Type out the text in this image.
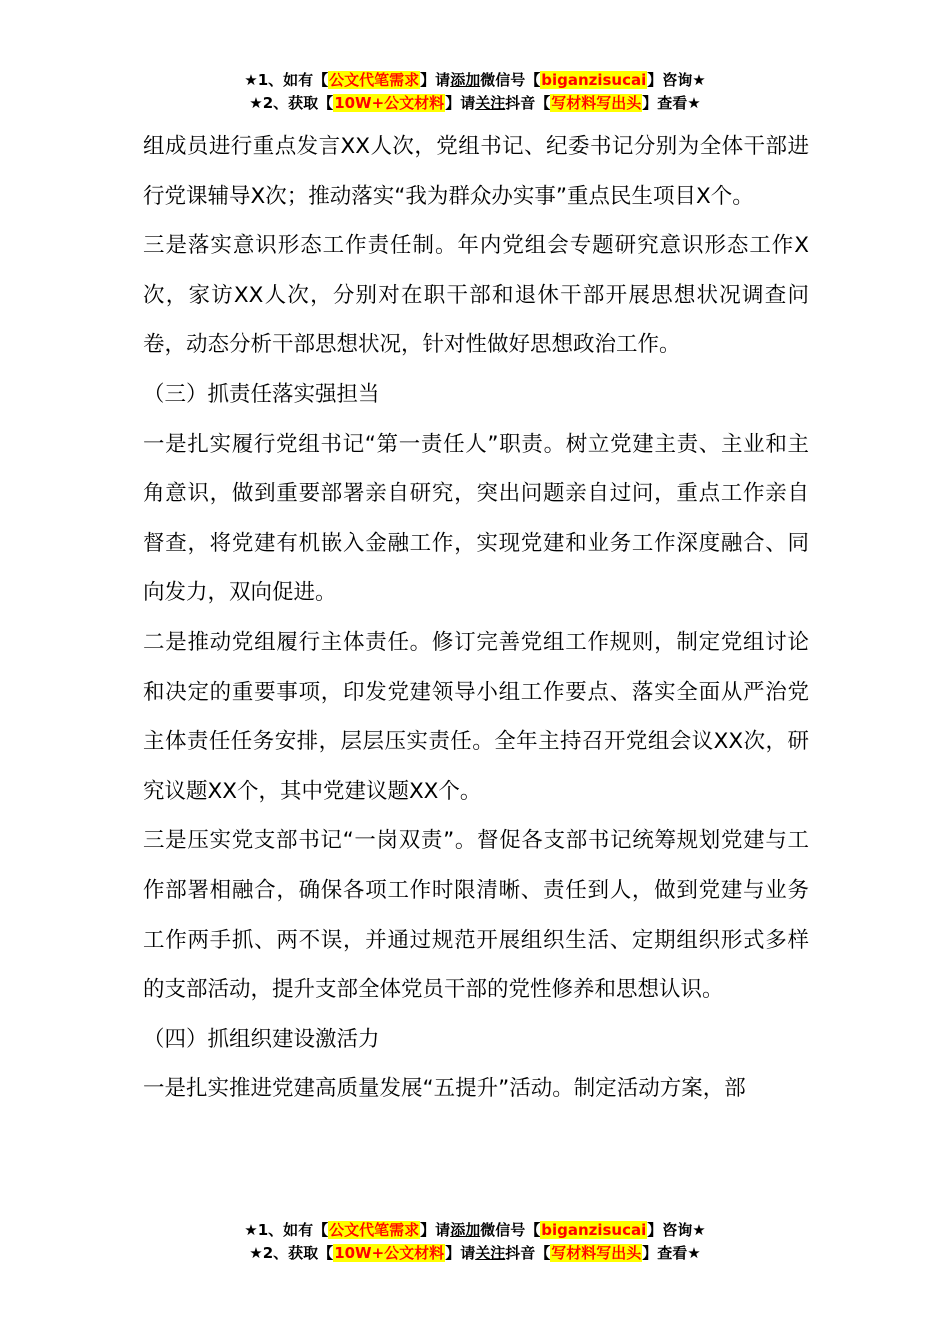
★1、如有【公文代笔需求】请添加微信号【biganzisucai】咨询★
★2、获取【10W+公文材料】请关注抖音【写材料写出头】查看★

组成员进行重点发言XX人次，党组书记、纪委书记分别为全体干部进行党课辅导X次；推动落实“我为群众办实事”重点民生项目X个。

三是落实意识形态工作责任制。年内党组会专题研究意识形态工作X次，家访XX人次，分别对在职干部和退休干部开展思想状况调查问卷，动态分析干部思想状况，针对性做好思想政治工作。

（三）抓责任落实强担当

一是扎实履行党组书记“第一责任人”职责。树立党建主责、主业和主角意识，做到重要部署亲自研究，突出问题亲自过问，重点工作亲自督查，将党建有机嵌入金融工作，实现党建和业务工作深度融合、同向发力，双向促进。

二是推动党组履行主体责任。修订完善党组工作规则，制定党组讨论和决定的重要事项，印发党建领导小组工作要点、落实全面从严治党主体责任任务安排，层层压实责任。全年主持召开党组会议XX次，研究议题XX个，其中党建议题XX个。

三是压实党支部书记“一岗双责”。督促各支部书记统筹规划党建与工作部署相融合，确保各项工作时限清晰、责任到人，做到党建与业务工作两手抓、两不误，并通过规范开展组织生活、定期组织形式多样的支部活动，提升支部全体党员干部的党性修养和思想认识。

（四）抓组织建设激活力

一是扎实推进党建高质量发展“五提升”活动。制定活动方案，部

★1、如有【公文代笔需求】请添加微信号【biganzisucai】咨询★
★2、获取【10W+公文材料】请关注抖音【写材料写出头】查看★
